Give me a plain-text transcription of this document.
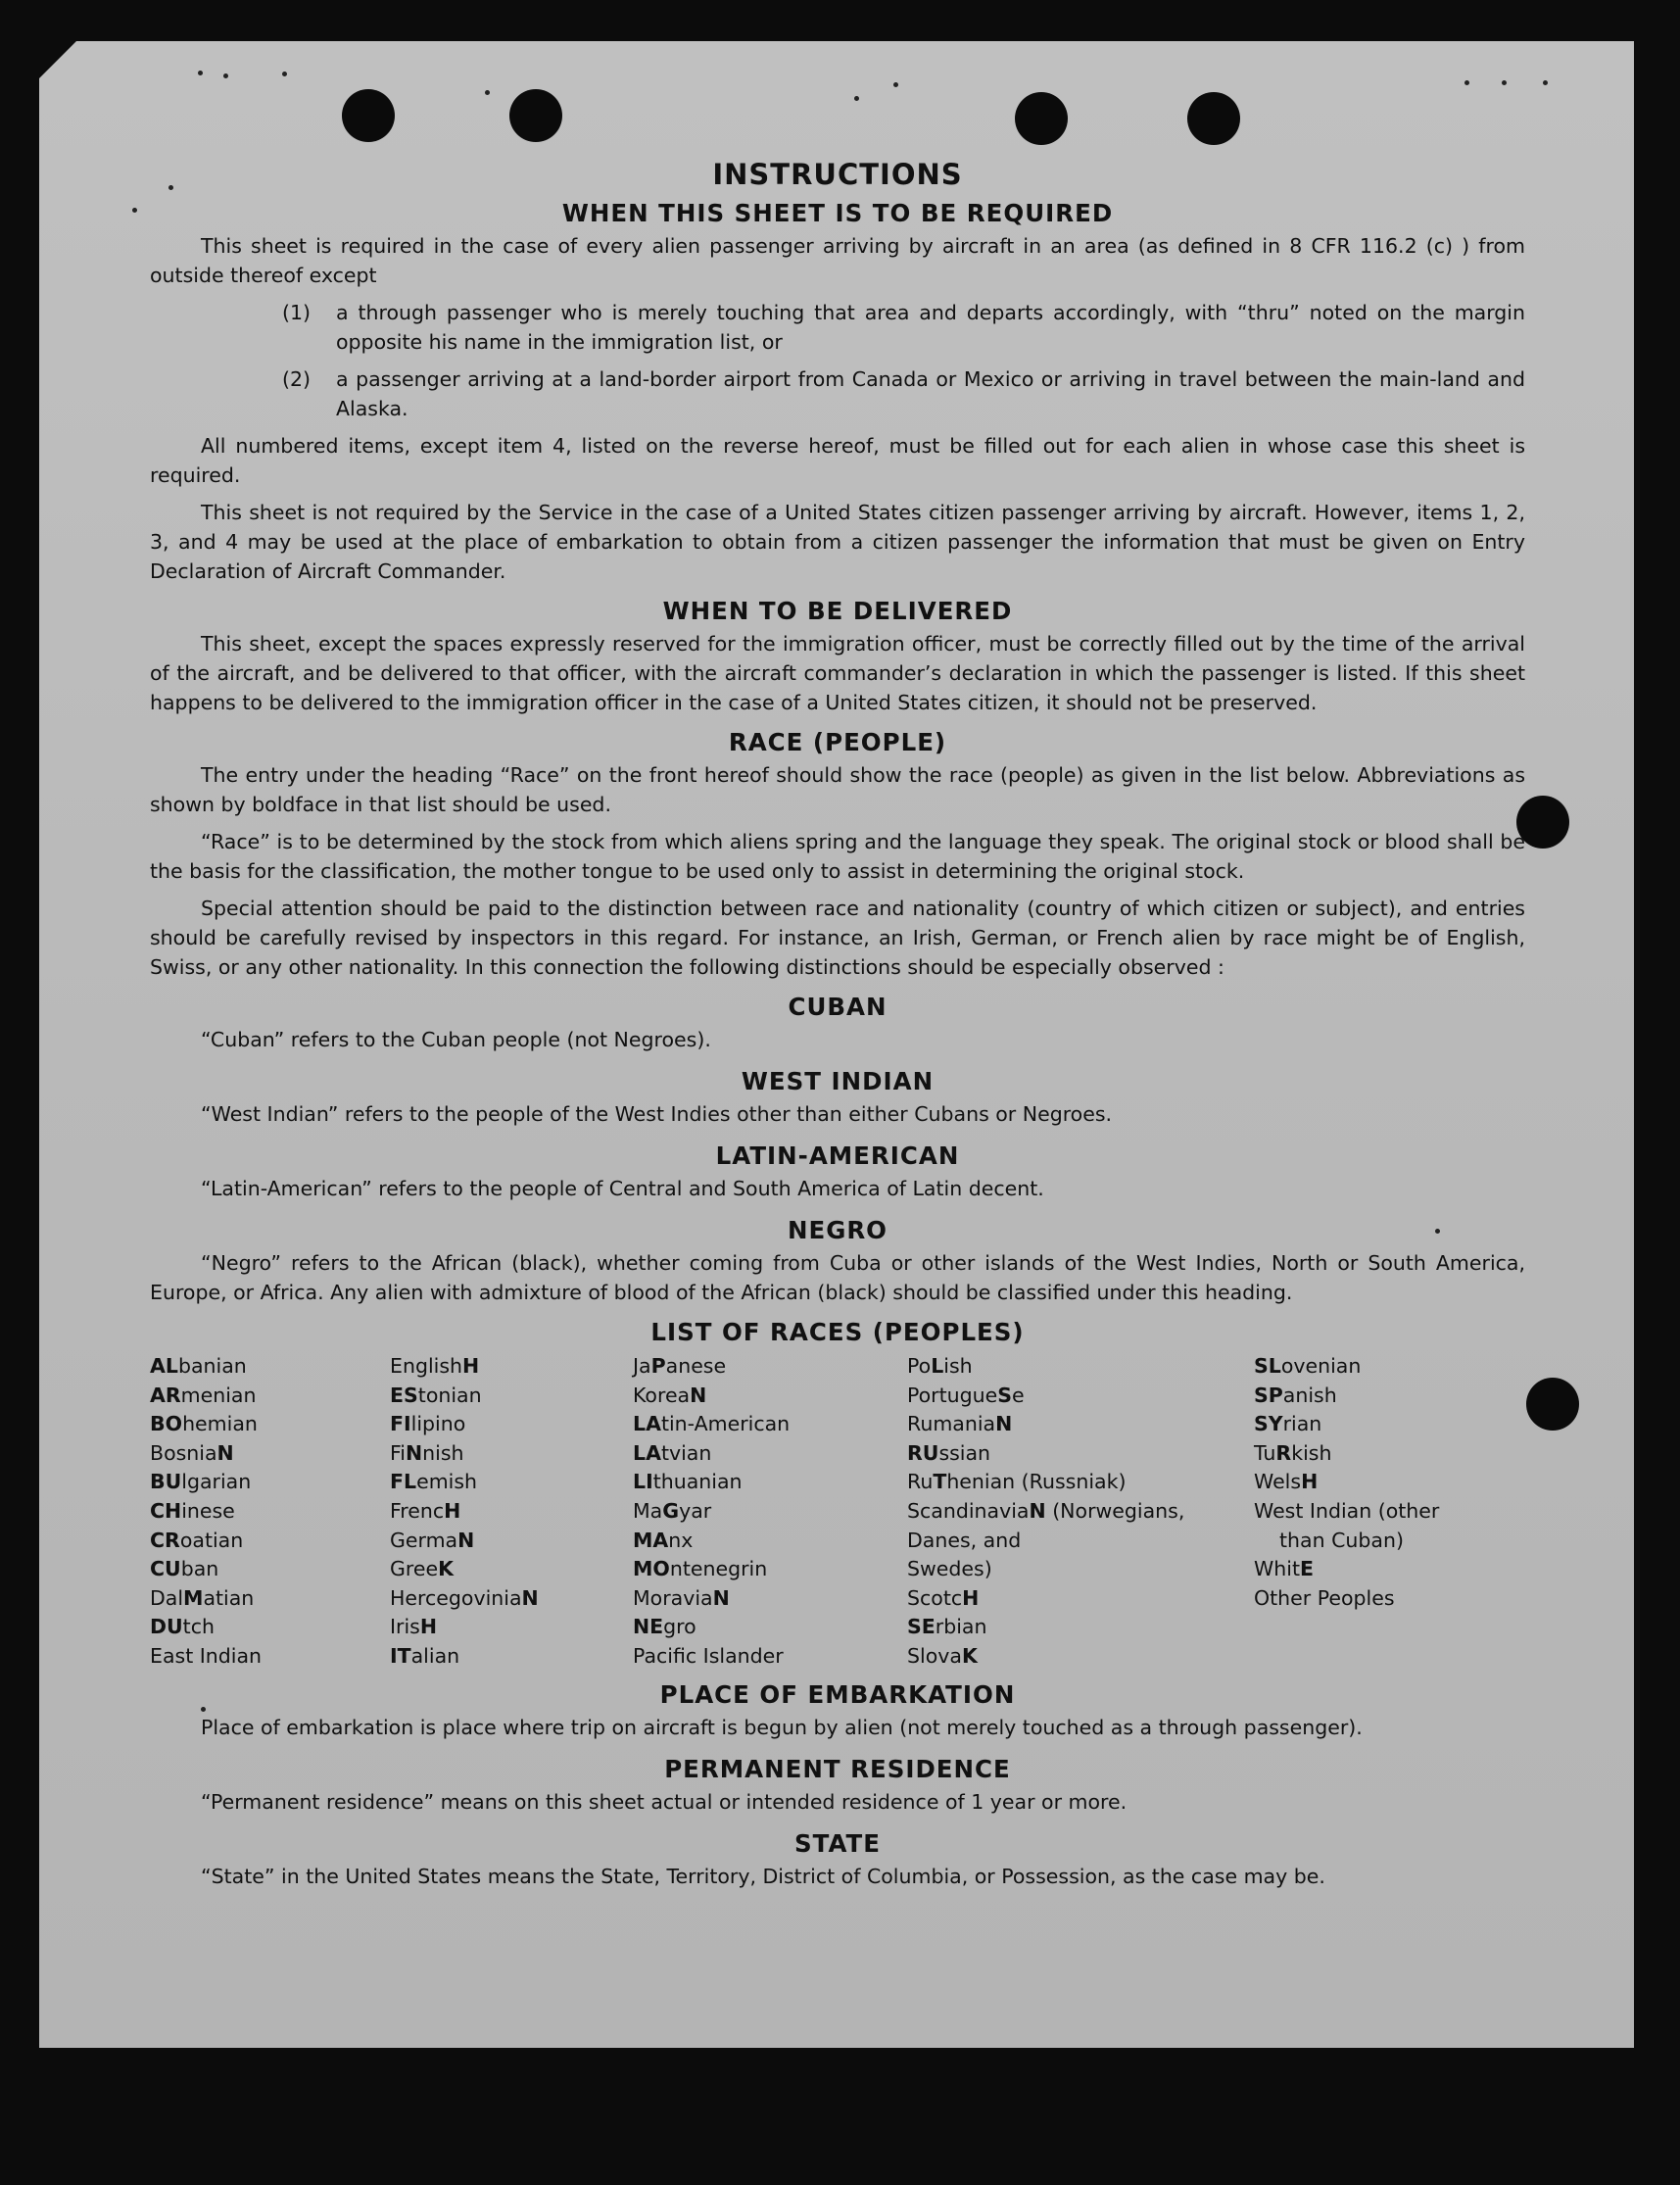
INSTRUCTIONS
WHEN THIS SHEET IS TO BE REQUIRED

This sheet is required in the case of every alien passenger arriving by aircraft in an area (as defined in 8 CFR 116.2 (c) ) from outside thereof except

(1)	a through passenger who is merely touching that area and departs accordingly, with “thru” noted on the margin opposite his name in the immigration list, or
(2)	a passenger arriving at a land-border airport from Canada or Mexico or arriving in travel between the main-land and Alaska.

All numbered items, except item 4, listed on the reverse hereof, must be filled out for each alien in whose case this sheet is required.

This sheet is not required by the Service in the case of a United States citizen passenger arriving by aircraft. However, items 1, 2, 3, and 4 may be used at the place of embarkation to obtain from a citizen passenger the information that must be given on Entry Declaration of Aircraft Commander.

WHEN TO BE DELIVERED

This sheet, except the spaces expressly reserved for the immigration officer, must be correctly filled out by the time of the arrival of the aircraft, and be delivered to that officer, with the aircraft commander’s declaration in which the passenger is listed. If this sheet happens to be delivered to the immigration officer in the case of a United States citizen, it should not be preserved.

RACE (PEOPLE)

The entry under the heading “Race” on the front hereof should show the race (people) as given in the list below. Abbreviations as shown by boldface in that list should be used.

“Race” is to be determined by the stock from which aliens spring and the language they speak. The original stock or blood shall be the basis for the classification, the mother tongue to be used only to assist in determining the original stock.

Special attention should be paid to the distinction between race and nationality (country of which citizen or subject), and entries should be carefully revised by inspectors in this regard. For instance, an Irish, German, or French alien by race might be of English, Swiss, or any other nationality. In this connection the following distinctions should be especially observed :

CUBAN
“Cuban” refers to the Cuban people (not Negroes).
WEST INDIAN
“West Indian” refers to the people of the West Indies other than either Cubans or Negroes.
LATIN-AMERICAN
“Latin-American” refers to the people of Central and South America of Latin decent.
NEGRO

“Negro” refers to the African (black), whether coming from Cuba or other islands of the West Indies, North or South America, Europe, or Africa. Any alien with admixture of blood of the African (black) should be classified under this heading.

LIST OF RACES (PEOPLES)
ALbanian
ARmenian
BOhemian
BosniaN
BUlgarian
CHinese
CRoatian
CUban
DalMatian
DUtch
East Indian
EnglishH
EStonian
FIlipino
FiNnish
FLemish
FrencH
GermaN
GreeK
HercegoviniaN
IrisH
ITalian
JaPanese
KoreaN
LAtin-American
LAtvian
LIthuanian
MaGyar
MAnx
MOntenegrin
MoraviaN
NEgro
Pacific Islander
PoLish
PortugueSe
RumaniaN
RUssian
RuThenian (Russniak)
ScandinaviaN (Norwegians,
Danes, and
Swedes)
ScotcH
SErbian
SlovaK
SLovenian
SPanish
SYrian
TuRkish
WelsH
West Indian (other
than Cuban)
WhitE
Other Peoples
PLACE OF EMBARKATION
Place of embarkation is place where trip on aircraft is begun by alien (not merely touched as a through passenger).
PERMANENT RESIDENCE
“Permanent residence” means on this sheet actual or intended residence of 1 year or more.
STATE
“State” in the United States means the State, Territory, District of Columbia, or Possession, as the case may be.
